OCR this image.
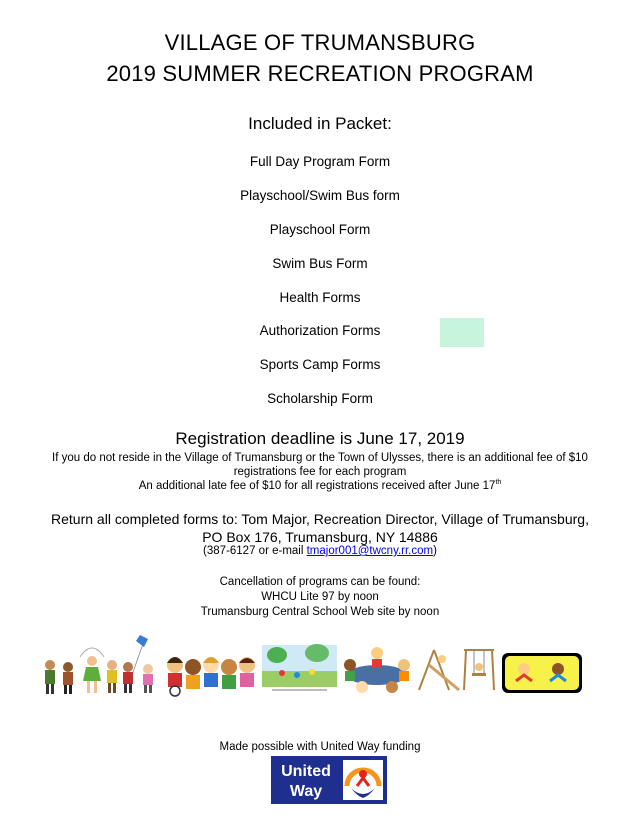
VILLAGE OF TRUMANSBURG
2019 SUMMER RECREATION PROGRAM
Included in Packet:
Full Day Program Form
Playschool/Swim Bus form
Playschool Form
Swim Bus Form
Health Forms
Authorization Forms
Sports Camp Forms
Scholarship Form
Registration deadline is June 17, 2019
If you do not reside in the Village of Trumansburg or the Town of Ulysses, there is an additional fee of $10
registrations fee for each program
An additional late fee of $10 for all registrations received after June 17th
Return all completed forms to: Tom Major, Recreation Director, Village of Trumansburg,
PO Box 176, Trumansburg, NY 14886
(387-6127 or e-mail tmajor001@twcny.rr.com)
Cancellation of programs can be found:
WHCU Lite 97 by noon
Trumansburg Central School Web site by noon
Made possible with United Way funding
United
Way
